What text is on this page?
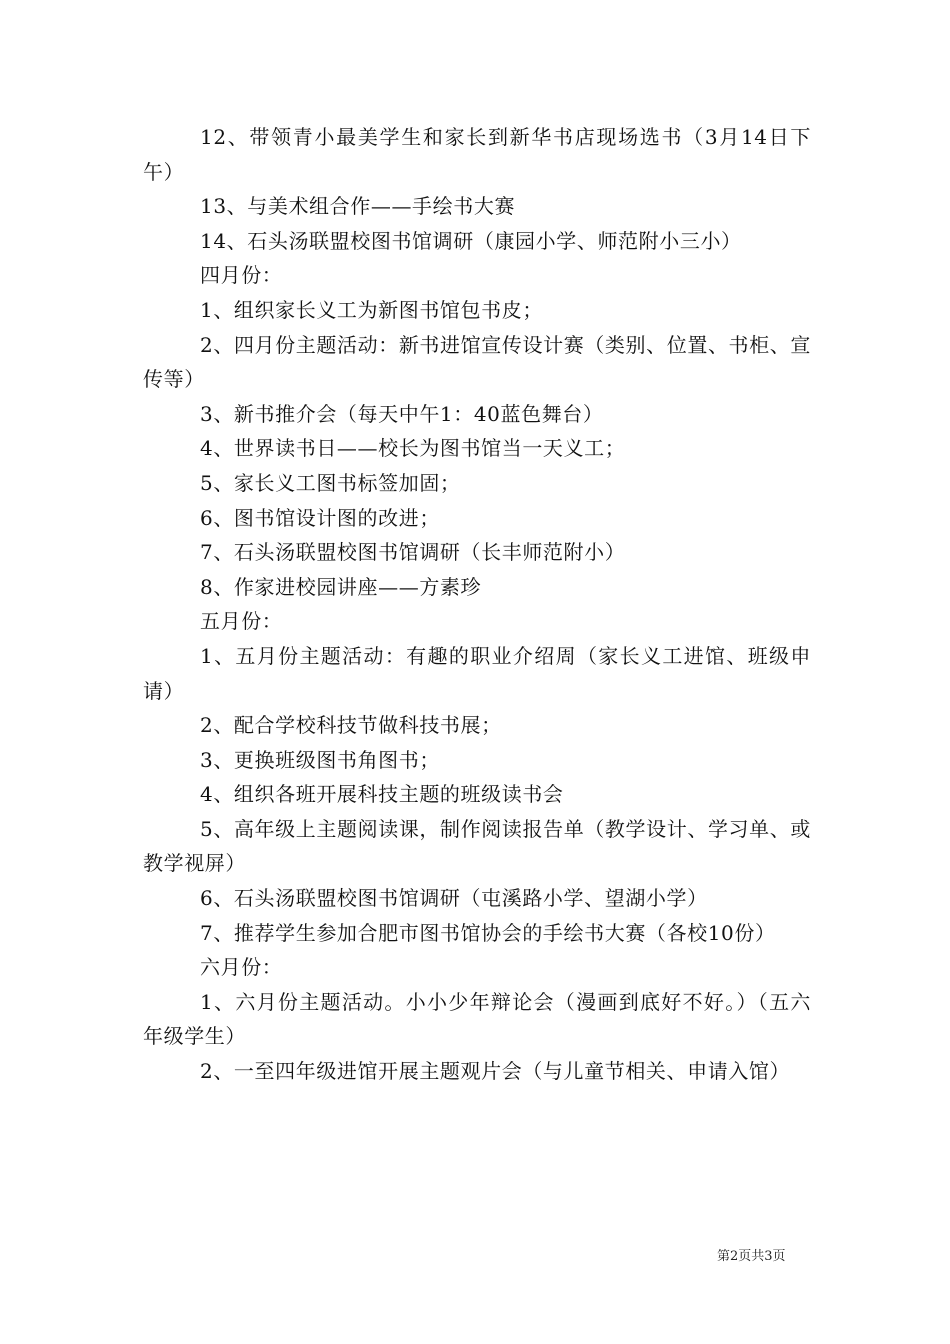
12、带领青小最美学生和家长到新华书店现场选书（3月14日下午）

13、与美术组合作——手绘书大赛

14、石头汤联盟校图书馆调研（康园小学、师范附小三小）

四月份：

1、组织家长义工为新图书馆包书皮；

2、四月份主题活动：新书进馆宣传设计赛（类别、位置、书柜、宣传等）

3、新书推介会（每天中午1：40蓝色舞台）

4、世界读书日——校长为图书馆当一天义工；

5、家长义工图书标签加固；

6、图书馆设计图的改进；

7、石头汤联盟校图书馆调研（长丰师范附小）

8、作家进校园讲座——方素珍

五月份：

1、五月份主题活动：有趣的职业介绍周（家长义工进馆、班级申请）

2、配合学校科技节做科技书展；

3、更换班级图书角图书；

4、组织各班开展科技主题的班级读书会

5、高年级上主题阅读课，制作阅读报告单（教学设计、学习单、或教学视屏）

6、石头汤联盟校图书馆调研（屯溪路小学、望湖小学）

7、推荐学生参加合肥市图书馆协会的手绘书大赛（各校10份）

六月份：

1、六月份主题活动。小小少年辩论会（漫画到底好不好。）（五六年级学生）

2、一至四年级进馆开展主题观片会（与儿童节相关、申请入馆）

第2页共3页
